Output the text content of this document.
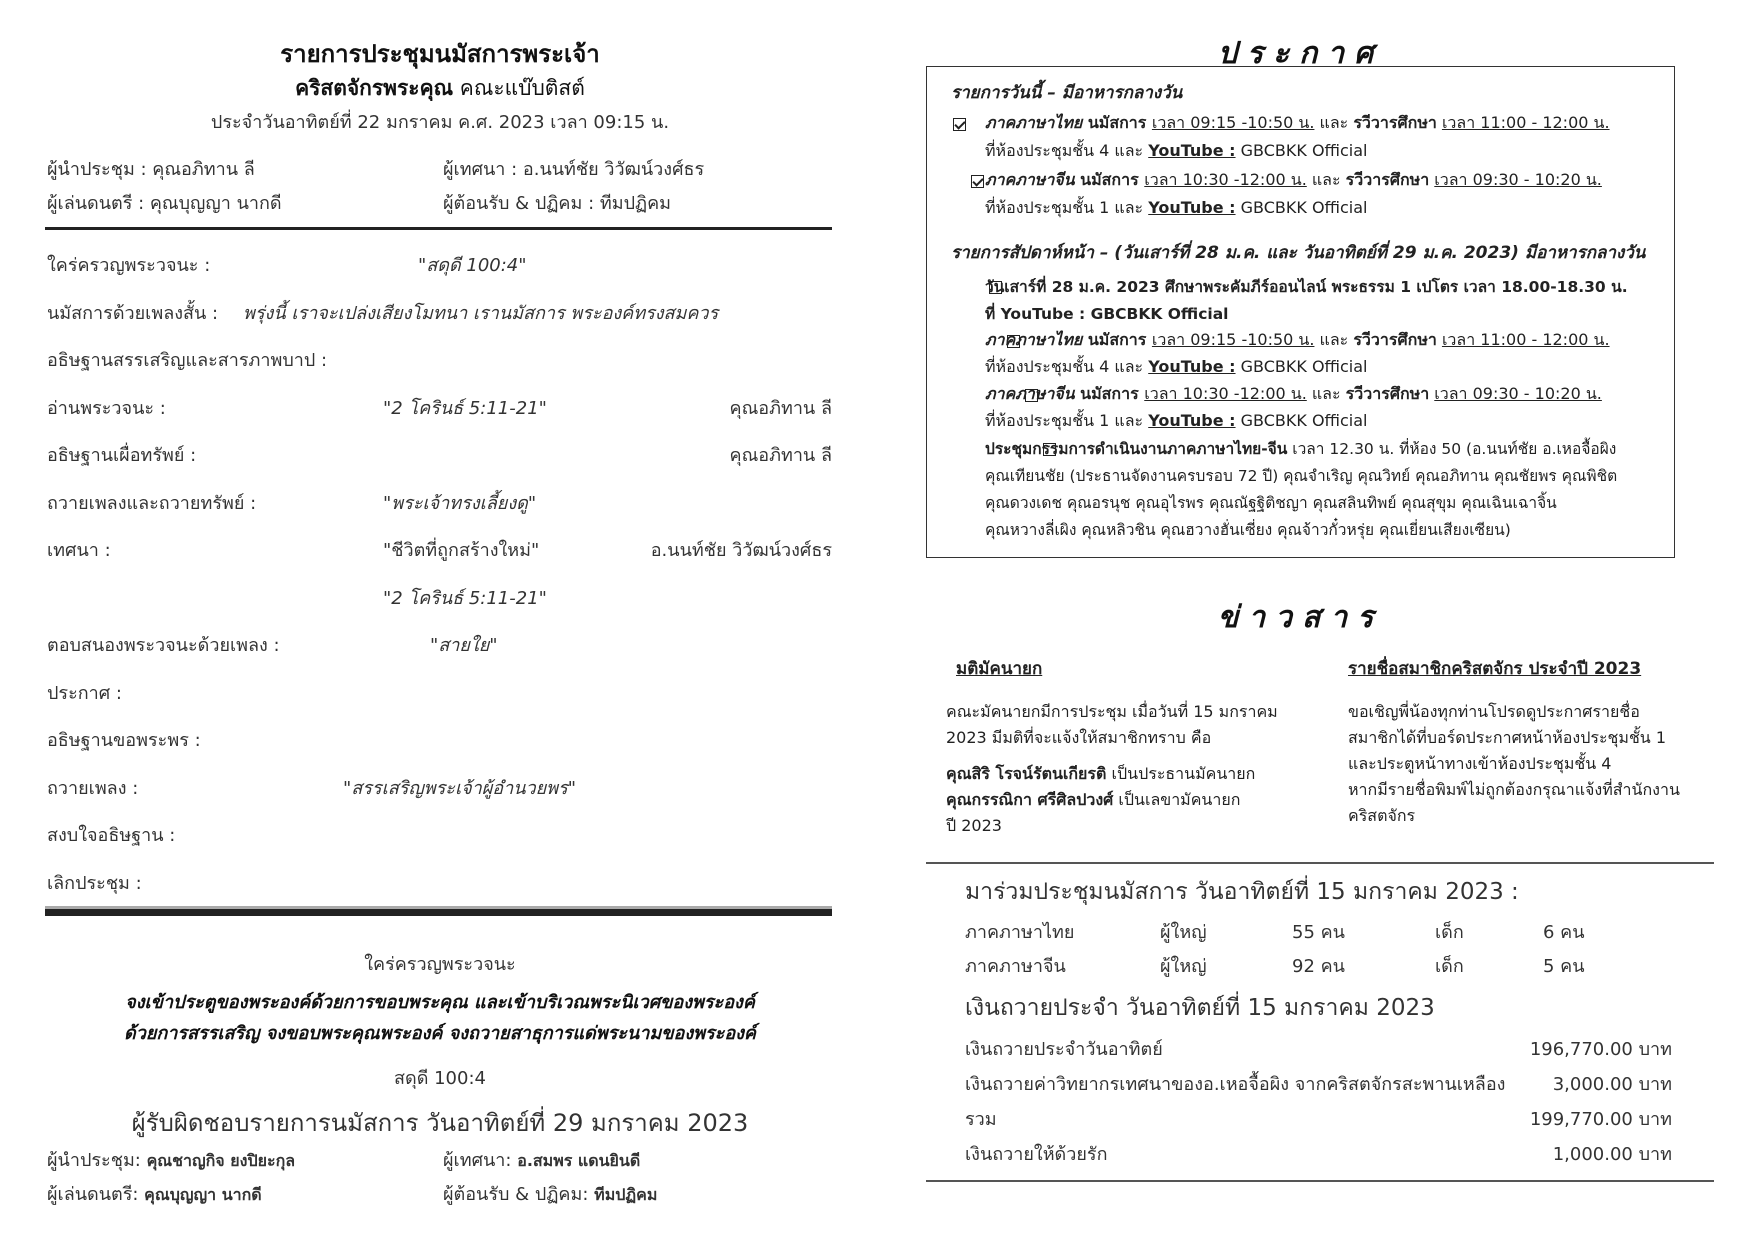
รายการประชุมนมัสการพระเจ้า
คริสตจักรพระคุณ คณะแบ๊บติสต์
ประจำวันอาทิตย์ที่ 22 มกราคม ค.ศ. 2023 เวลา 09:15 น.
ผู้นำประชุม : คุณอภิทาน ลี	ผู้เทศนา : อ.นนท์ชัย วิวัฒน์วงศ์ธร
ผู้เล่นดนตรี : คุณบุญญา นากดี	ผู้ต้อนรับ & ปฏิคม : ทีมปฏิคม
ใคร่ครวญพระวจนะ :	"สดุดี 100:4"
นมัสการด้วยเพลงสั้น : พรุ่งนี้ เราจะเปล่งเสียงโมทนา เรานมัสการ พระองค์ทรงสมควร
อธิษฐานสรรเสริญและสารภาพบาป :
อ่านพระวจนะ :	"2 โครินธ์ 5:11-21"	คุณอภิทาน ลี
อธิษฐานเผื่อทรัพย์ :	คุณอภิทาน ลี
ถวายเพลงและถวายทรัพย์ :	"พระเจ้าทรงเลี้ยงดู"
เทศนา :	"ชีวิตที่ถูกสร้างใหม่"	อ.นนท์ชัย วิวัฒน์วงศ์ธร
"2 โครินธ์ 5:11-21"
ตอบสนองพระวจนะด้วยเพลง :	"สายใย"
ประกาศ :
อธิษฐานขอพระพร :
ถวายเพลง :	"สรรเสริญพระเจ้าผู้อำนวยพร"
สงบใจอธิษฐาน :
เลิกประชุม :
ใคร่ครวญพระวจนะ
จงเข้าประตูของพระองค์ด้วยการขอบพระคุณ และเข้าบริเวณพระนิเวศของพระองค์
ด้วยการสรรเสริญ จงขอบพระคุณพระองค์ จงถวายสาธุการแด่พระนามของพระองค์
สดุดี 100:4
ผู้รับผิดชอบรายการนมัสการ วันอาทิตย์ที่ 29 มกราคม 2023
ผู้นำประชุม: คุณชาญกิจ ยงปิยะกุล	ผู้เทศนา: อ.สมพร แดนยินดี
ผู้เล่นดนตรี: คุณบุญญา นากดี	ผู้ต้อนรับ & ปฏิคม: ทีมปฏิคม
ประกาศ
รายการวันนี้ – มีอาหารกลางวัน

ภาคภาษาไทย นมัสการ เวลา 09:15 -10:50 น. และ รวีวารศึกษา เวลา 11:00 - 12:00 น.
ที่ห้องประชุมชั้น 4 และ YouTube : GBCBKK Official

ภาคภาษาจีน นมัสการ เวลา 10:30 -12:00 น. และ รวีวารศึกษา เวลา 09:30 - 10:20 น.
ที่ห้องประชุมชั้น 1 และ YouTube : GBCBKK Official
รายการสัปดาห์หน้า – (วันเสาร์ที่ 28 ม.ค. และ วันอาทิตย์ที่ 29 ม.ค. 2023) มีอาหารกลางวัน

วันเสาร์ที่ 28 ม.ค. 2023 ศึกษาพระคัมภีร์ออนไลน์ พระธรรม 1 เปโตร เวลา 18.00-18.30 น.
ที่ YouTube : GBCBKK Official

ภาคภาษาไทย นมัสการ เวลา 09:15 -10:50 น. และ รวีวารศึกษา เวลา 11:00 - 12:00 น.
ที่ห้องประชุมชั้น 4 และ YouTube : GBCBKK Official

ภาคภาษาจีน นมัสการ เวลา 10:30 -12:00 น. และ รวีวารศึกษา เวลา 09:30 - 10:20 น.
ที่ห้องประชุมชั้น 1 และ YouTube : GBCBKK Official
ประชุมกรรมการดำเนินงานภาคภาษาไทย-จีน เวลา 12.30 น. ที่ห้อง 50 (อ.นนท์ชัย อ.เหอจื้อผิง
คุณเทียนชัย (ประธานจัดงานครบรอบ 72 ปี) คุณจำเริญ คุณวิทย์ คุณอภิทาน คุณชัยพร คุณพิชิต
คุณดวงเดช คุณอรนุช คุณอุไรพร คุณณัฐฐิติชญา คุณสลินทิพย์ คุณสุขุม คุณเฉินเฉาจิ้น
คุณหวางลี่เผิง คุณหลิวชิน คุณฮวางฮั่นเซี่ยง คุณจ้าวกั๋วหรุ่ย คุณเยี่ยนเสียงเซียน)
ข่าวสาร
มติมัคนายก
คณะมัคนายกมีการประชุม เมื่อวันที่ 15 มกราคม
2023 มีมติที่จะแจ้งให้สมาชิกทราบ คือ
คุณสิริ โรจน์รัตนเกียรติ เป็นประธานมัคนายก
คุณกรรณิกา ศรีศิลปวงศ์ เป็นเลขามัคนายก
ปี 2023
รายชื่อสมาชิกคริสตจักร ประจำปี 2023
ขอเชิญพี่น้องทุกท่านโปรดดูประกาศรายชื่อ
สมาชิกได้ที่บอร์ดประกาศหน้าห้องประชุมชั้น 1
และประตูหน้าทางเข้าห้องประชุมชั้น 4
หากมีรายชื่อพิมพ์ไม่ถูกต้องกรุณาแจ้งที่สำนักงาน
คริสตจักร
มาร่วมประชุมนมัสการ วันอาทิตย์ที่ 15 มกราคม 2023 :
ภาคภาษาไทย	ผู้ใหญ่	55 คน	เด็ก	6 คน
ภาคภาษาจีน	ผู้ใหญ่	92 คน	เด็ก	5 คน
เงินถวายประจำ วันอาทิตย์ที่ 15 มกราคม 2023
เงินถวายประจำวันอาทิตย์	196,770.00 บาท
เงินถวายค่าวิทยากรเทศนาของอ.เหอจื้อผิง จากคริสตจักรสะพานเหลือง	3,000.00 บาท
รวม	199,770.00 บาท
เงินถวายให้ด้วยรัก	1,000.00 บาท
